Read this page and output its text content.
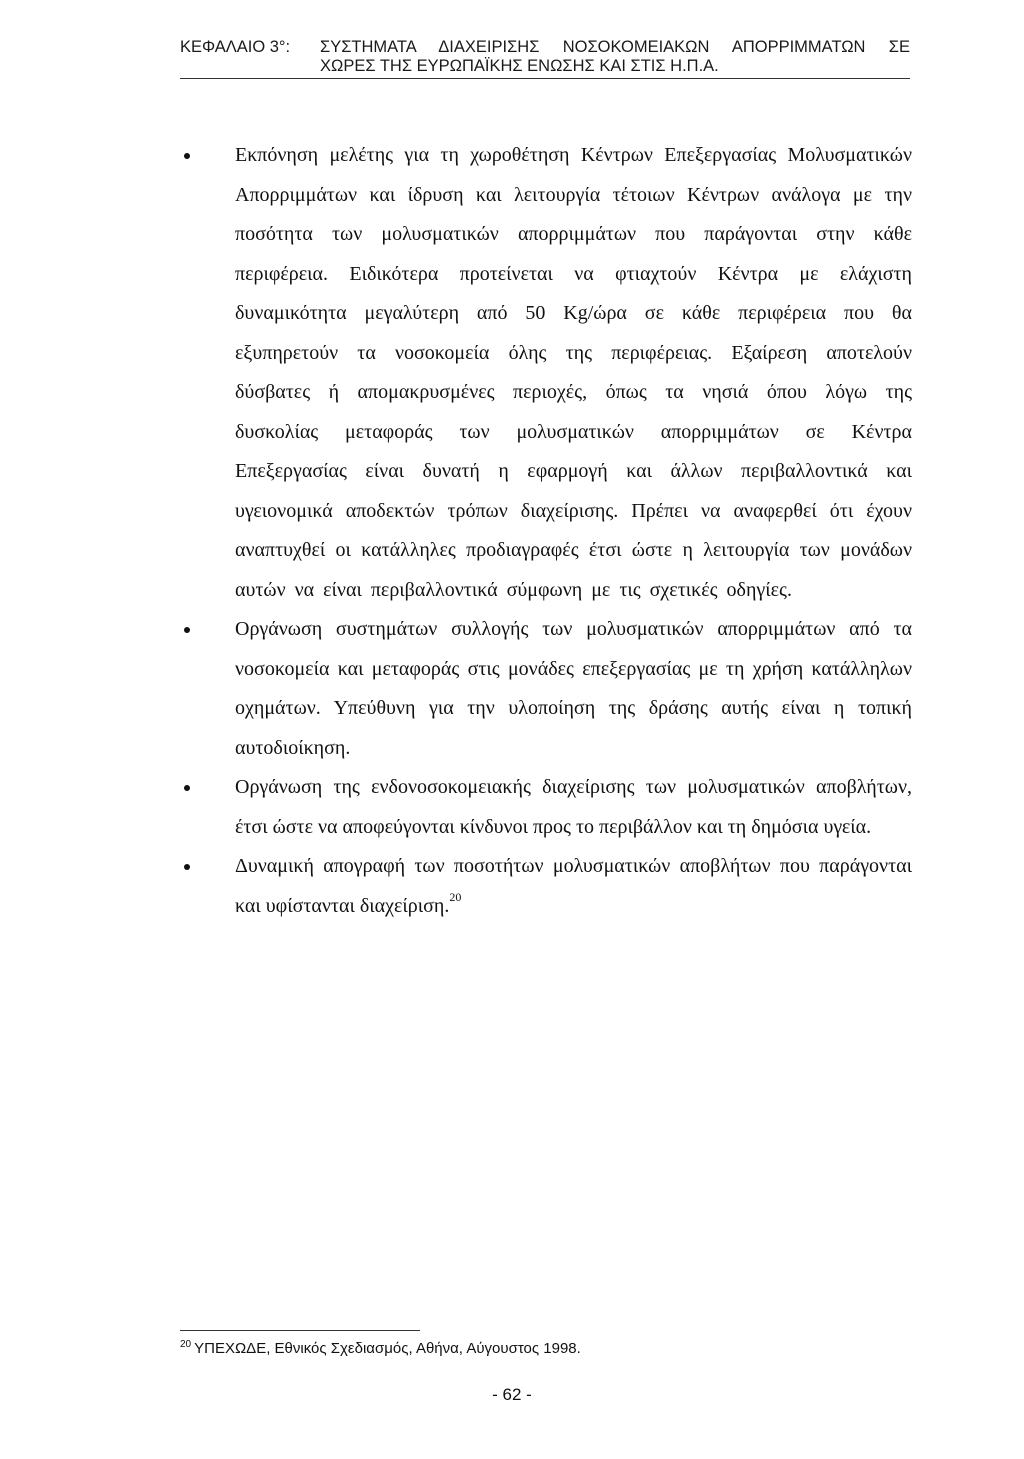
ΚΕΦΑΛΑΙΟ 3°:	ΣΥΣΤΗΜΑΤΑ ΔΙΑΧΕΙΡΙΣΗΣ ΝΟΣΟΚΟΜΕΙΑΚΩΝ ΑΠΟΡΡΙΜΜΑΤΩΝ ΣΕ
ΧΩΡΕΣ ΤΗΣ ΕΥΡΩΠΑΪΚΗΣ ΕΝΩΣΗΣ ΚΑΙ ΣΤΙΣ Η.Π.Α.
Εκπόνηση μελέτης για τη χωροθέτηση Κέντρων Επεξεργασίας Μολυσματικών Απορριμμάτων και ίδρυση και λειτουργία τέτοιων Κέντρων ανάλογα με την ποσότητα των μολυσματικών απορριμμάτων που παράγονται στην κάθε περιφέρεια. Ειδικότερα προτείνεται να φτιαχτούν Κέντρα με ελάχιστη δυναμικότητα μεγαλύτερη από 50 Kg/ώρα σε κάθε περιφέρεια που θα εξυπηρετούν τα νοσοκομεία όλης της περιφέρειας. Εξαίρεση αποτελούν δύσβατες ή απομακρυσμένες περιοχές, όπως τα νησιά όπου λόγω της δυσκολίας μεταφοράς των μολυσματικών απορριμμάτων σε Κέντρα Επεξεργασίας είναι δυνατή η εφαρμογή και άλλων περιβαλλοντικά και υγειονομικά αποδεκτών τρόπων διαχείρισης. Πρέπει να αναφερθεί ότι έχουν αναπτυχθεί οι κατάλληλες προδιαγραφές έτσι ώστε η λειτουργία των μονάδων αυτών να είναι περιβαλλοντικά σύμφωνη με τις σχετικές οδηγίες.
Οργάνωση συστημάτων συλλογής των μολυσματικών απορριμμάτων από τα νοσοκομεία και μεταφοράς στις μονάδες επεξεργασίας με τη χρήση κατάλληλων οχημάτων. Υπεύθυνη για την υλοποίηση της δράσης αυτής είναι η τοπική αυτοδιοίκηση.
Οργάνωση της ενδονοσοκομειακής διαχείρισης των μολυσματικών αποβλήτων, έτσι ώστε να αποφεύγονται κίνδυνοι προς το περιβάλλον και τη δημόσια υγεία.
Δυναμική απογραφή των ποσοτήτων μολυσματικών αποβλήτων που παράγονται και υφίστανται διαχείριση.$^{20}$
$^{20}$ ΥΠΕΧΩΔΕ, Εθνικός Σχεδιασμός, Αθήνα, Αύγουστος 1998.
- 62 -
